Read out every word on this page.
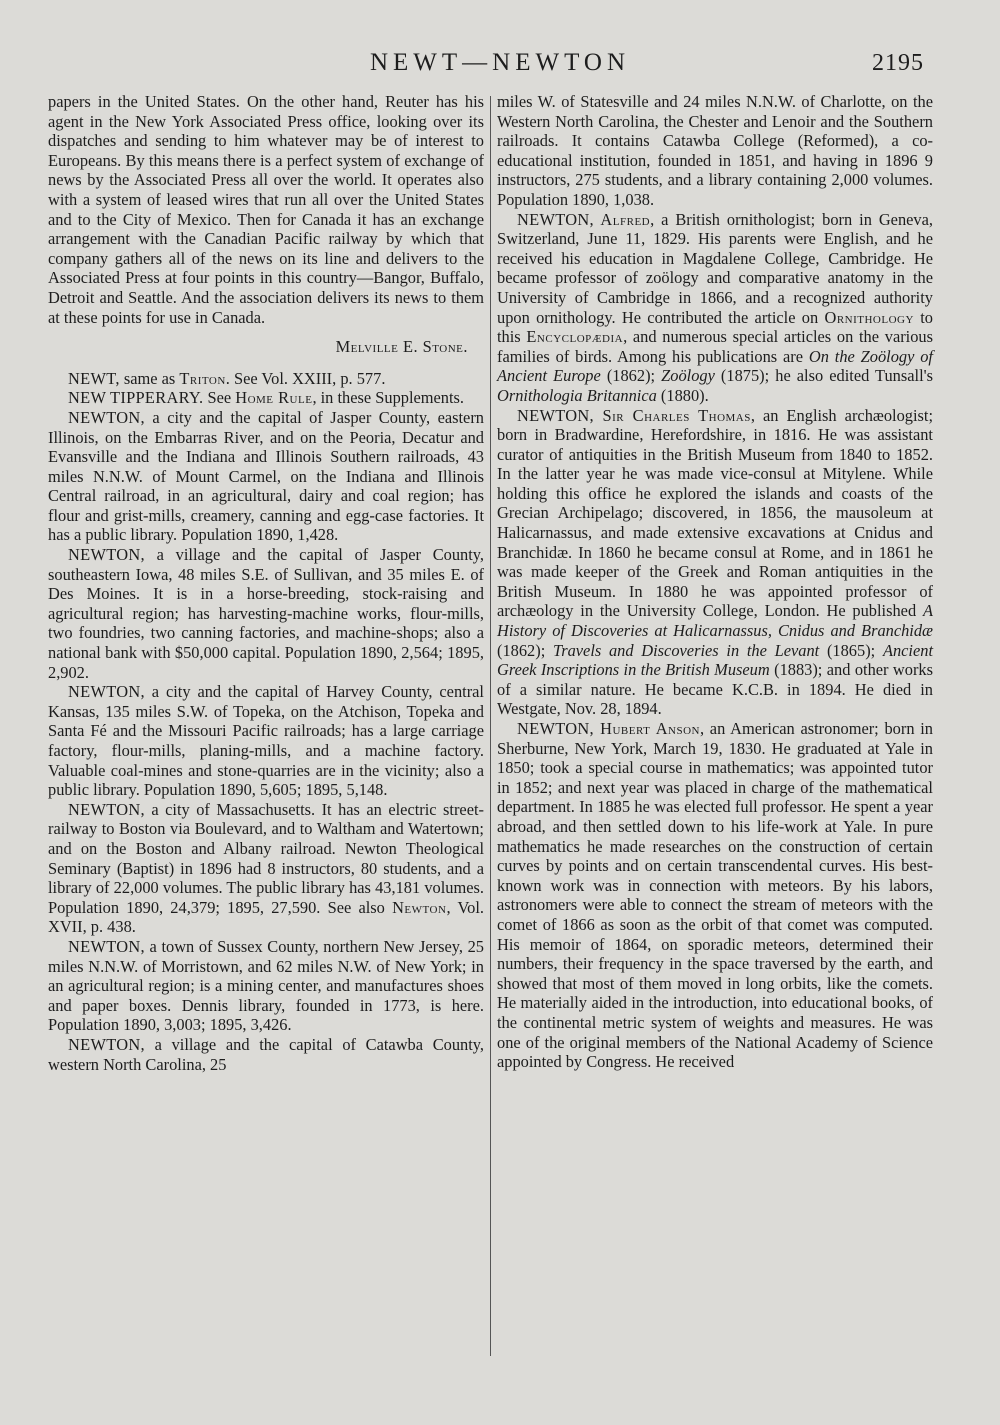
NEWT—NEWTON	2195

papers in the United States. On the other hand, Reuter has his agent in the New York Associated Press office, looking over its dispatches and sending to him whatever may be of interest to Europeans. By this means there is a perfect system of exchange of news by the Associated Press all over the world. It operates also with a system of leased wires that run all over the United States and to the City of Mexico. Then for Canada it has an exchange arrangement with the Canadian Pacific railway by which that company gathers all of the news on its line and delivers to the Associated Press at four points in this country—Bangor, Buffalo, Detroit and Seattle. And the association delivers its news to them at these points for use in Canada.

Melville E. Stone.

NEWT, same as Triton. See Vol. XXIII, p. 577.

NEW TIPPERARY. See Home Rule, in these Supplements.

NEWTON, a city and the capital of Jasper County, eastern Illinois, on the Embarras River, and on the Peoria, Decatur and Evansville and the Indiana and Illinois Southern railroads, 43 miles N.N.W. of Mount Carmel, on the Indiana and Illinois Central railroad, in an agricultural, dairy and coal region; has flour and grist-mills, creamery, canning and egg-case factories. It has a public library. Population 1890, 1,428.

NEWTON, a village and the capital of Jasper County, southeastern Iowa, 48 miles S.E. of Sullivan, and 35 miles E. of Des Moines. It is in a horse-breeding, stock-raising and agricultural region; has harvesting-machine works, flour-mills, two foundries, two canning factories, and machine-shops; also a national bank with $50,000 capital. Population 1890, 2,564; 1895, 2,902.

NEWTON, a city and the capital of Harvey County, central Kansas, 135 miles S.W. of Topeka, on the Atchison, Topeka and Santa Fé and the Missouri Pacific railroads; has a large carriage factory, flour-mills, planing-mills, and a machine factory. Valuable coal-mines and stone-quarries are in the vicinity; also a public library. Population 1890, 5,605; 1895, 5,148.

NEWTON, a city of Massachusetts. It has an electric street-railway to Boston via Boulevard, and to Waltham and Watertown; and on the Boston and Albany railroad. Newton Theological Seminary (Baptist) in 1896 had 8 instructors, 80 students, and a library of 22,000 volumes. The public library has 43,181 volumes. Population 1890, 24,379; 1895, 27,590. See also Newton, Vol. XVII, p. 438.

NEWTON, a town of Sussex County, northern New Jersey, 25 miles N.N.W. of Morristown, and 62 miles N.W. of New York; in an agricultural region; is a mining center, and manufactures shoes and paper boxes. Dennis library, founded in 1773, is here. Population 1890, 3,003; 1895, 3,426.

NEWTON, a village and the capital of Catawba County, western North Carolina, 25

miles W. of Statesville and 24 miles N.N.W. of Charlotte, on the Western North Carolina, the Chester and Lenoir and the Southern railroads. It contains Catawba College (Reformed), a co-educational institution, founded in 1851, and having in 1896 9 instructors, 275 students, and a library containing 2,000 volumes. Population 1890, 1,038.

NEWTON, Alfred, a British ornithologist; born in Geneva, Switzerland, June 11, 1829. His parents were English, and he received his education in Magdalene College, Cambridge. He became professor of zoölogy and comparative anatomy in the University of Cambridge in 1866, and a recognized authority upon ornithology. He contributed the article on Ornithology to this Encyclopædia, and numerous special articles on the various families of birds. Among his publications are On the Zoölogy of Ancient Europe (1862); Zoölogy (1875); he also edited Tunsall's Ornithologia Britannica (1880).

NEWTON, Sir Charles Thomas, an English archæologist; born in Bradwardine, Herefordshire, in 1816. He was assistant curator of antiquities in the British Museum from 1840 to 1852. In the latter year he was made vice-consul at Mitylene. While holding this office he explored the islands and coasts of the Grecian Archipelago; discovered, in 1856, the mausoleum at Halicarnassus, and made extensive excavations at Cnidus and Branchidæ. In 1860 he became consul at Rome, and in 1861 he was made keeper of the Greek and Roman antiquities in the British Museum. In 1880 he was appointed professor of archæology in the University College, London. He published A History of Discoveries at Halicarnassus, Cnidus and Branchidæ (1862); Travels and Discoveries in the Levant (1865); Ancient Greek Inscriptions in the British Museum (1883); and other works of a similar nature. He became K.C.B. in 1894. He died in Westgate, Nov. 28, 1894.

NEWTON, Hubert Anson, an American astronomer; born in Sherburne, New York, March 19, 1830. He graduated at Yale in 1850; took a special course in mathematics; was appointed tutor in 1852; and next year was placed in charge of the mathematical department. In 1885 he was elected full professor. He spent a year abroad, and then settled down to his life-work at Yale. In pure mathematics he made researches on the construction of certain curves by points and on certain transcendental curves. His best-known work was in connection with meteors. By his labors, astronomers were able to connect the stream of meteors with the comet of 1866 as soon as the orbit of that comet was computed. His memoir of 1864, on sporadic meteors, determined their numbers, their frequency in the space traversed by the earth, and showed that most of them moved in long orbits, like the comets. He materially aided in the introduction, into educational books, of the continental metric system of weights and measures. He was one of the original members of the National Academy of Science appointed by Congress. He received
